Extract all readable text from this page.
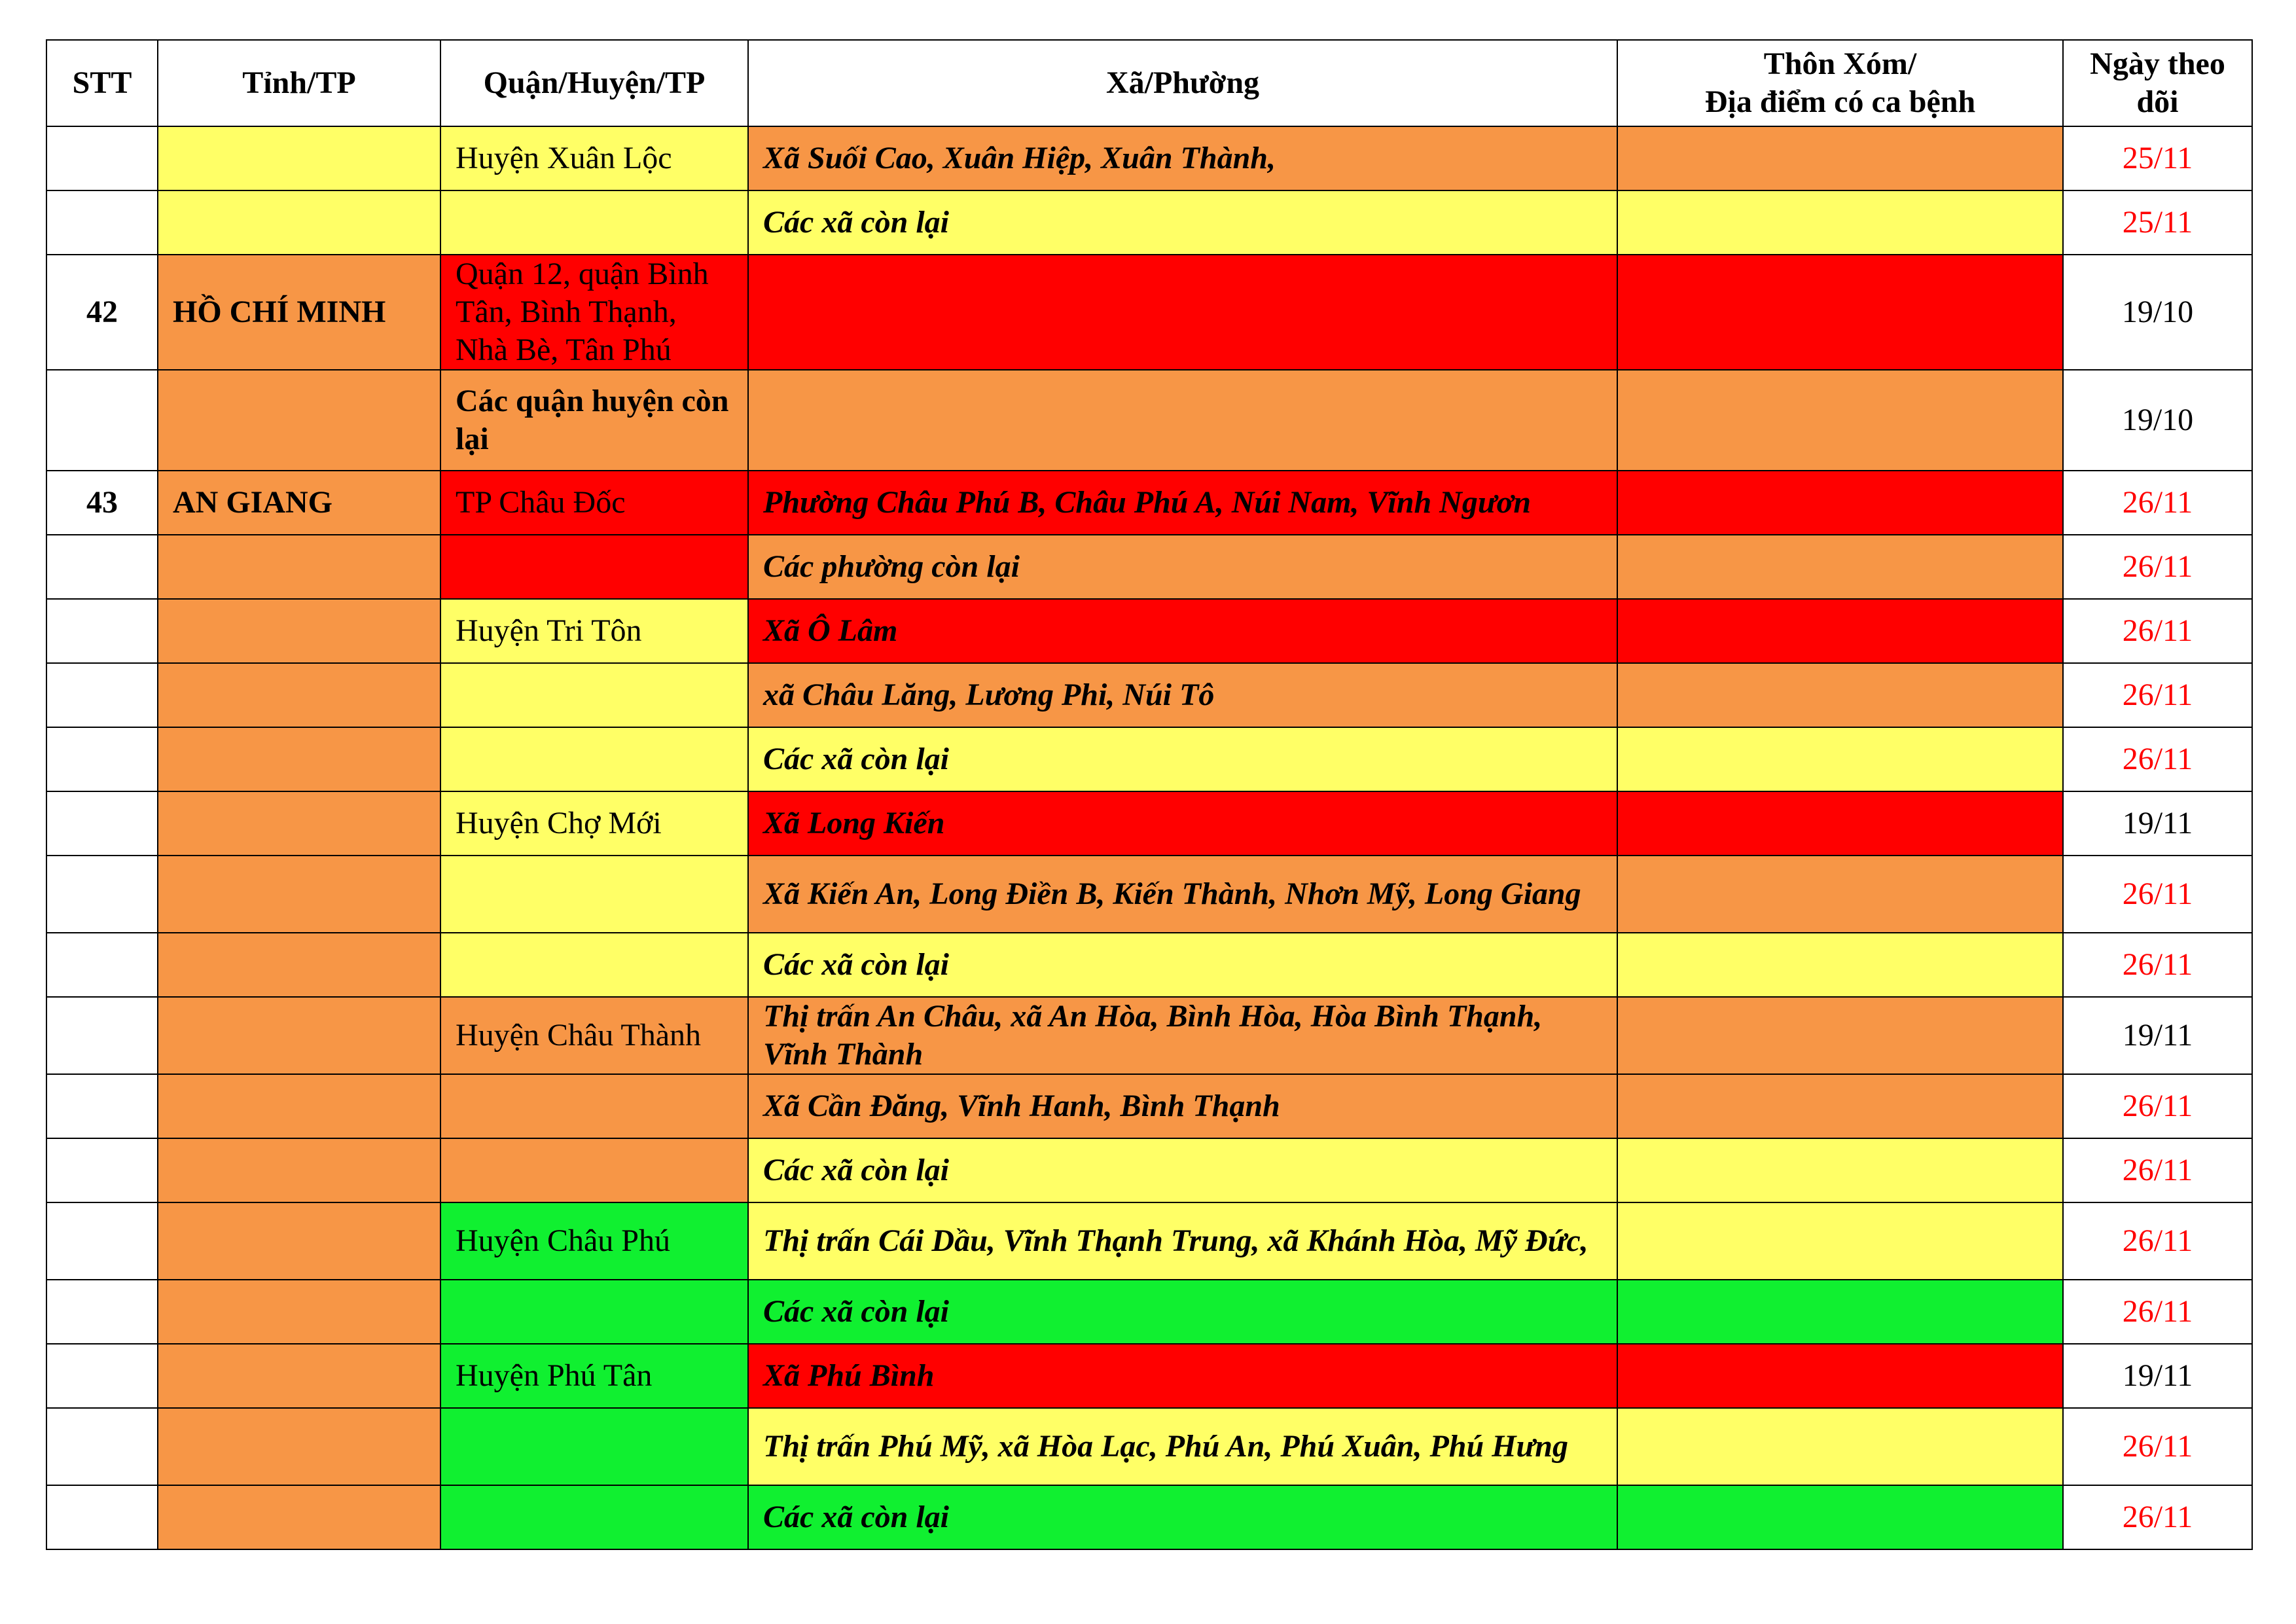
STT	Tỉnh/TP	Quận/Huyện/TP	Xã/Phường	Thôn Xóm/
Địa điểm có ca bệnh	Ngày theo
dõi
		Huyện Xuân Lộc	Xã Suối Cao, Xuân Hiệp, Xuân Thành,		25/11
			Các xã còn lại		25/11
42	HỒ CHÍ MINH	Quận 12, quận Bình Tân, Bình Thạnh, Nhà Bè, Tân Phú			19/10
		Các quận huyện còn lại			19/10
43	AN GIANG	TP Châu Đốc	Phường Châu Phú B, Châu Phú A, Núi Nam, Vĩnh Ngươn		26/11
			Các phường còn lại		26/11
		Huyện Tri Tôn	Xã Ô Lâm		26/11
			xã Châu Lăng, Lương Phi, Núi Tô		26/11
			Các xã còn lại		26/11
		Huyện Chợ Mới	Xã Long Kiến		19/11
			Xã Kiến An, Long Điền B, Kiến Thành, Nhơn Mỹ, Long Giang		26/11
			Các xã còn lại		26/11
		Huyện Châu Thành	Thị trấn An Châu, xã An Hòa, Bình Hòa, Hòa Bình Thạnh, Vĩnh Thành		19/11
			Xã Cần Đăng, Vĩnh Hanh, Bình Thạnh		26/11
			Các xã còn lại		26/11
		Huyện Châu Phú	Thị trấn Cái Dầu, Vĩnh Thạnh Trung, xã Khánh Hòa, Mỹ Đức,		26/11
			Các xã còn lại		26/11
		Huyện Phú Tân	Xã Phú Bình		19/11
			Thị trấn Phú Mỹ, xã Hòa Lạc, Phú An, Phú Xuân, Phú Hưng		26/11
			Các xã còn lại		26/11
